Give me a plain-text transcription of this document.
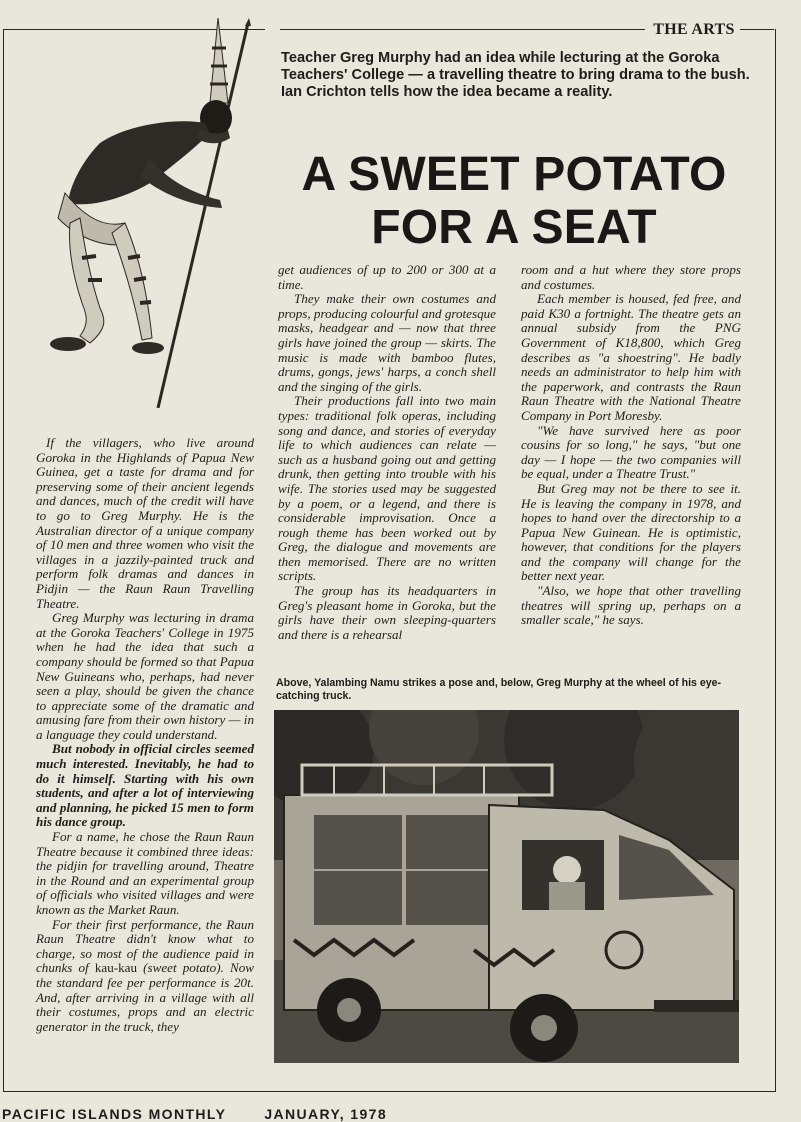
THE ARTS
Teacher Greg Murphy had an idea while lecturing at the Goroka Teachers' College — a travelling theatre to bring drama to the bush. Ian Crichton tells how the idea became a reality.
A SWEET POTATO
FOR A SEAT

If the villagers, who live around Goroka in the Highlands of Papua New Guinea, get a taste for drama and for preserving some of their ancient legends and dances, much of the credit will have to go to Greg Murphy. He is the Australian director of a unique company of 10 men and three women who visit the villages in a jazzily-painted truck and perform folk dramas and dances in Pidjin — the Raun Raun Travelling Theatre.

Greg Murphy was lecturing in drama at the Goroka Teachers' College in 1975 when he had the idea that such a company should be formed so that Papua New Guineans who, perhaps, had never seen a play, should be given the chance to appreciate some of the dramatic and amusing fare from their own history — in a language they could understand.

But nobody in official circles seemed much interested. Inevitably, he had to do it himself. Starting with his own students, and after a lot of interviewing and planning, he picked 15 men to form his dance group.

For a name, he chose the Raun Raun Theatre because it combined three ideas: the pidjin for travelling around, Theatre in the Round and an experimental group of officials who visited villages and were known as the Market Raun.

For their first performance, the Raun Raun Theatre didn't know what to charge, so most of the audience paid in chunks of kau-kau (sweet potato). Now the standard fee per performance is 20t. And, after arriving in a village with all their costumes, props and an electric generator in the truck, they

get audiences of up to 200 or 300 at a time.

They make their own costumes and props, producing colourful and grotesque masks, headgear and — now that three girls have joined the group — skirts. The music is made with bamboo flutes, drums, gongs, jews' harps, a conch shell and the singing of the girls.

Their productions fall into two main types: traditional folk operas, including song and dance, and stories of everyday life to which audiences can relate — such as a husband going out and getting drunk, then getting into trouble with his wife. The stories used may be suggested by a poem, or a legend, and there is considerable improvisation. Once a rough theme has been worked out by Greg, the dialogue and movements are then memorised. There are no written scripts.

The group has its headquarters in Greg's pleasant home in Goroka, but the girls have their own sleeping-quarters and there is a rehearsal

room and a hut where they store props and costumes.

Each member is housed, fed free, and paid K30 a fortnight. The theatre gets an annual subsidy from the PNG Government of K18,800, which Greg describes as "a shoestring". He badly needs an administrator to help him with the paperwork, and contrasts the Raun Raun Theatre with the National Theatre Company in Port Moresby.

"We have survived here as poor cousins for so long," he says, "but one day — I hope — the two companies will be equal, under a Theatre Trust."

But Greg may not be there to see it. He is leaving the company in 1978, and hopes to hand over the directorship to a Papua New Guinean. He is optimistic, however, that conditions for the players and the company will change for the better next year.

"Also, we hope that other travelling theatres will spring up, perhaps on a smaller scale," he says.

Above, Yalambing Namu strikes a pose and, below, Greg Murphy at the wheel of his eye-catching truck.
PACIFIC ISLANDS MONTHLY	JANUARY, 1978
